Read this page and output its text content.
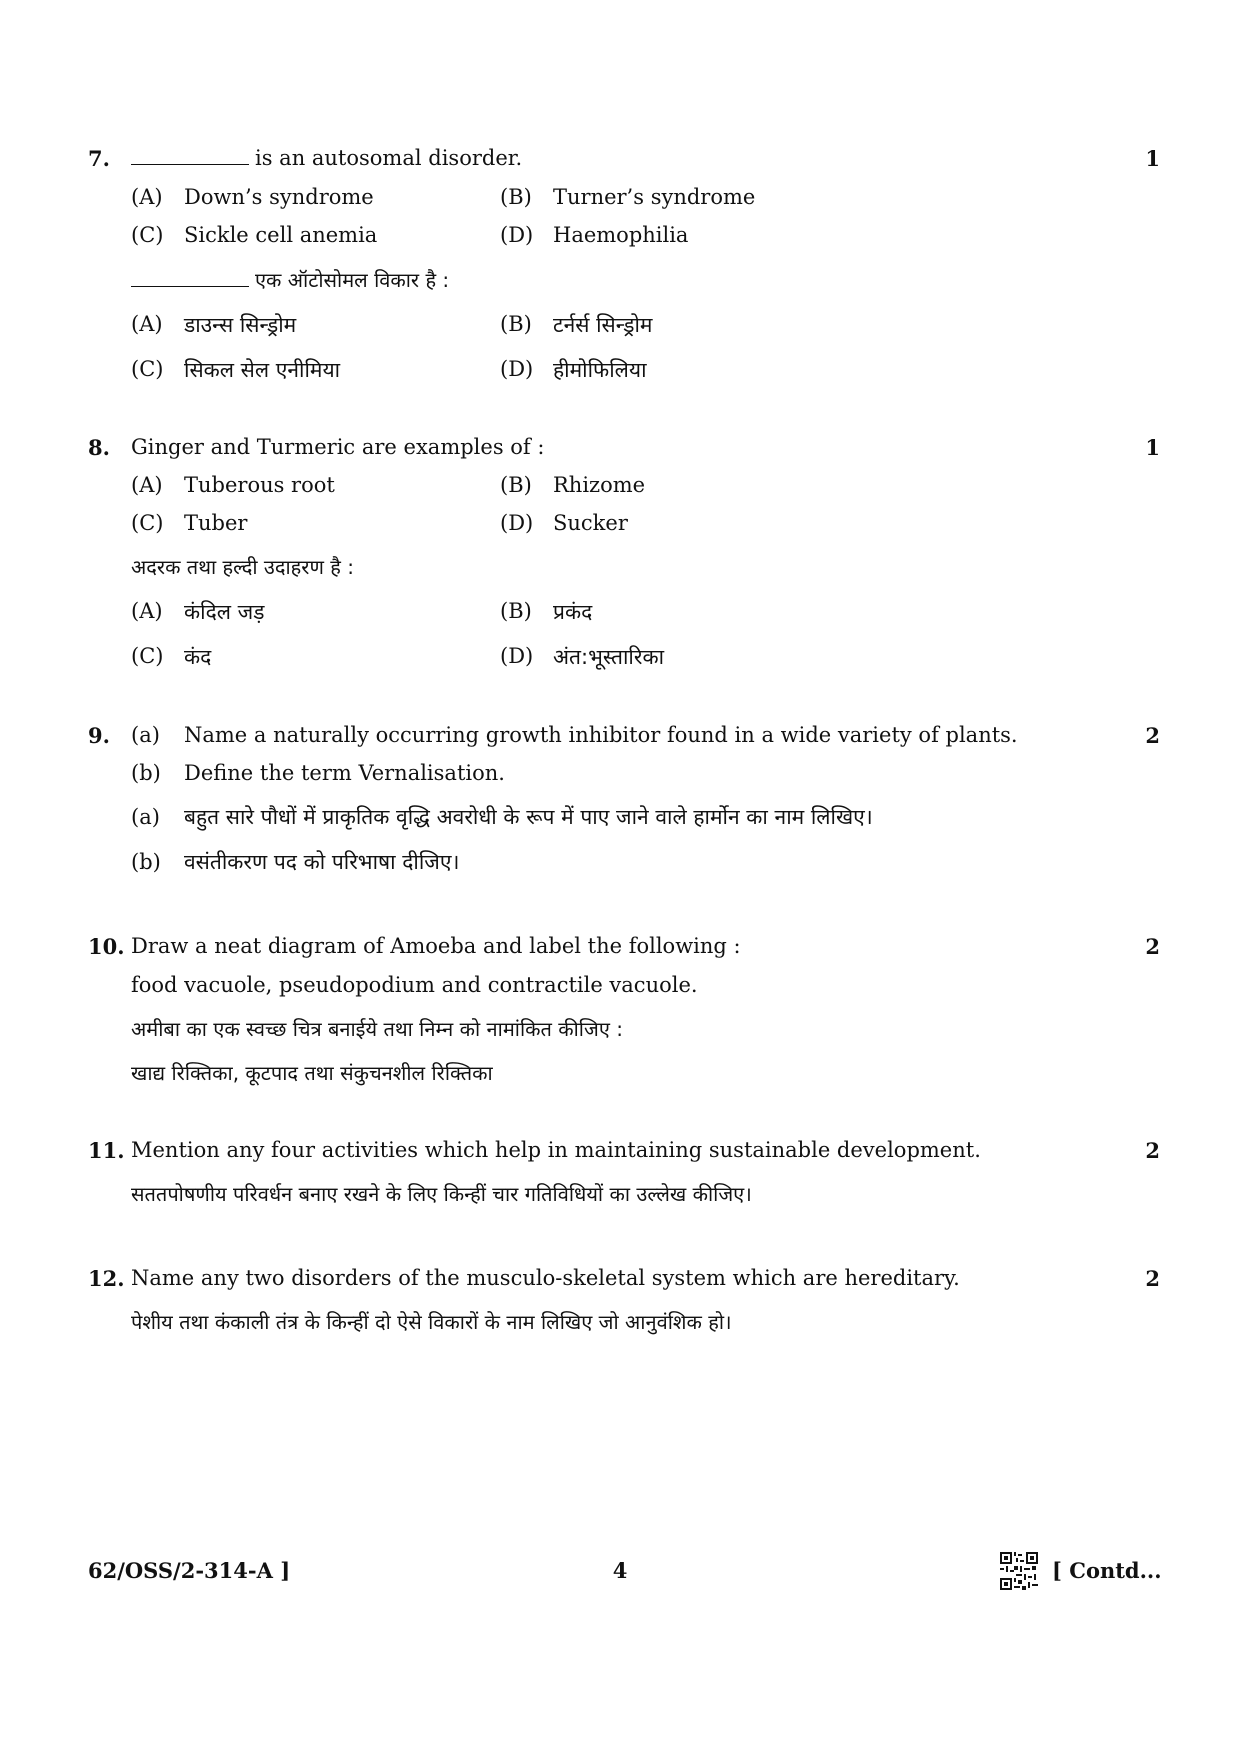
7.	1
is an autosomal disorder.
(A) Down’s syndrome	(B) Turner’s syndrome
(C) Sickle cell anemia	(D) Haemophilia
एक ऑटोसोमल विकार है :
(A) डाउन्स सिन्ड्रोम	(B) टर्नर्स सिन्ड्रोम
(C) सिकल सेल एनीमिया	(D) हीमोफिलिया
8.	1
Ginger and Turmeric are examples of :
(A) Tuberous root	(B) Rhizome
(C) Tuber	(D) Sucker
अदरक तथा हल्दी उदाहरण है :
(A) कंदिल जड़	(B) प्रकंद
(C) कंद	(D) अंत:भूस्तारिका
9.	2
(a) Name a naturally occurring growth inhibitor found in a wide variety of plants.
(b) Define the term Vernalisation.
(a) बहुत सारे पौधों में प्राकृतिक वृद्धि अवरोधी के रूप में पाए जाने वाले हार्मोन का नाम लिखिए।
(b) वसंतीकरण पद को परिभाषा दीजिए।
10.	2
Draw a neat diagram of Amoeba and label the following :
food vacuole, pseudopodium and contractile vacuole.
अमीबा का एक स्वच्छ चित्र बनाईये तथा निम्न को नामांकित कीजिए :
खाद्य रिक्तिका, कूटपाद तथा संकुचनशील रिक्तिका
11.	2
Mention any four activities which help in maintaining sustainable development.
सततपोषणीय परिवर्धन बनाए रखने के लिए किन्हीं चार गतिविधियों का उल्लेख कीजिए।
12.	2
Name any two disorders of the musculo-skeletal system which are hereditary.
पेशीय तथा कंकाली तंत्र के किन्हीं दो ऐसे विकारों के नाम लिखिए जो आनुवंशिक हो।
62/OSS/2-314-A ]	4	[ Contd...
